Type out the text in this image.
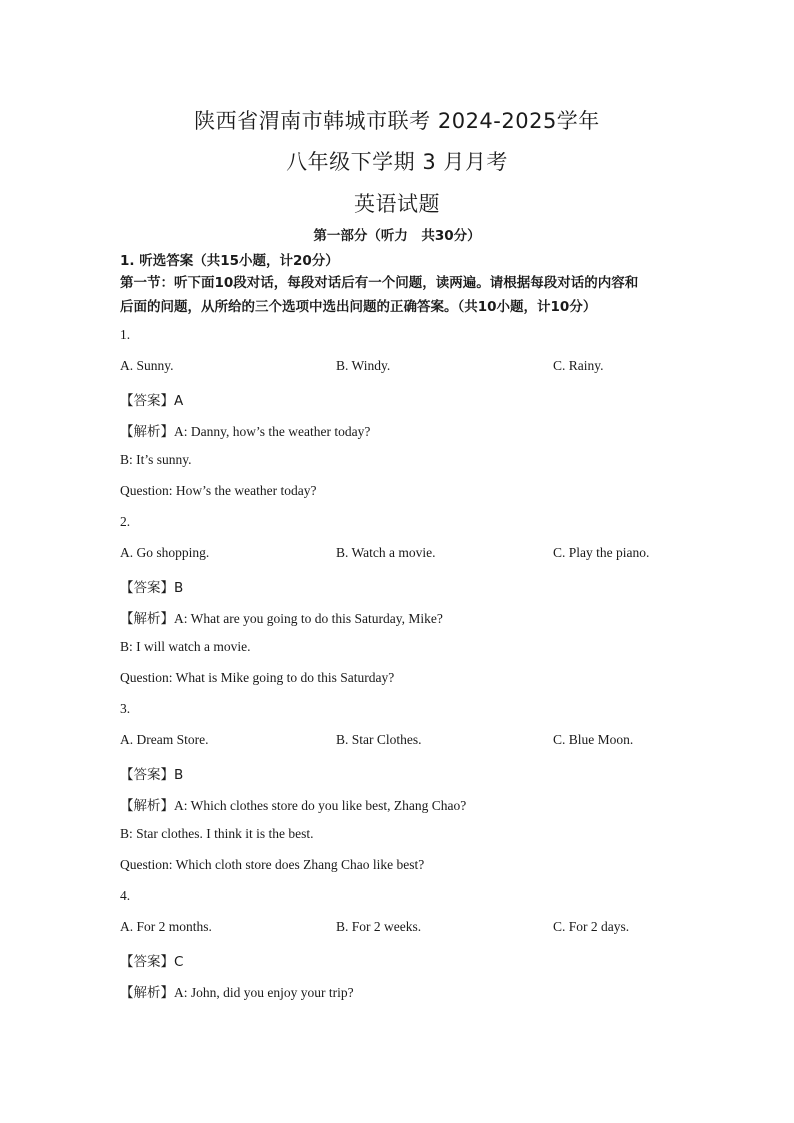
陕西省渭南市韩城市联考 2024-2025学年
八年级下学期 3 月月考
英语试题
第一部分（听力　共30分）
1. 听选答案（共15小题，计20分）
第一节：听下面10段对话，每段对话后有一个问题，读两遍。请根据每段对话的内容和
后面的问题，从所给的三个选项中选出问题的正确答案。（共10小题，计10分）
1.
A. Sunny.	B. Windy.	C. Rainy.
【答案】A
【解析】A: Danny, how’s the weather today?
B: It’s sunny.
Question: How’s the weather today?
2.
A. Go shopping.	B. Watch a movie.	C. Play the piano.
【答案】B
【解析】A: What are you going to do this Saturday, Mike?
B: I will watch a movie.
Question: What is Mike going to do this Saturday?
3.
A. Dream Store.	B. Star Clothes.	C. Blue Moon.
【答案】B
【解析】A: Which clothes store do you like best, Zhang Chao?
B: Star clothes. I think it is the best.
Question: Which cloth store does Zhang Chao like best?
4.
A. For 2 months.	B. For 2 weeks.	C. For 2 days.
【答案】C
【解析】A: John, did you enjoy your trip?
